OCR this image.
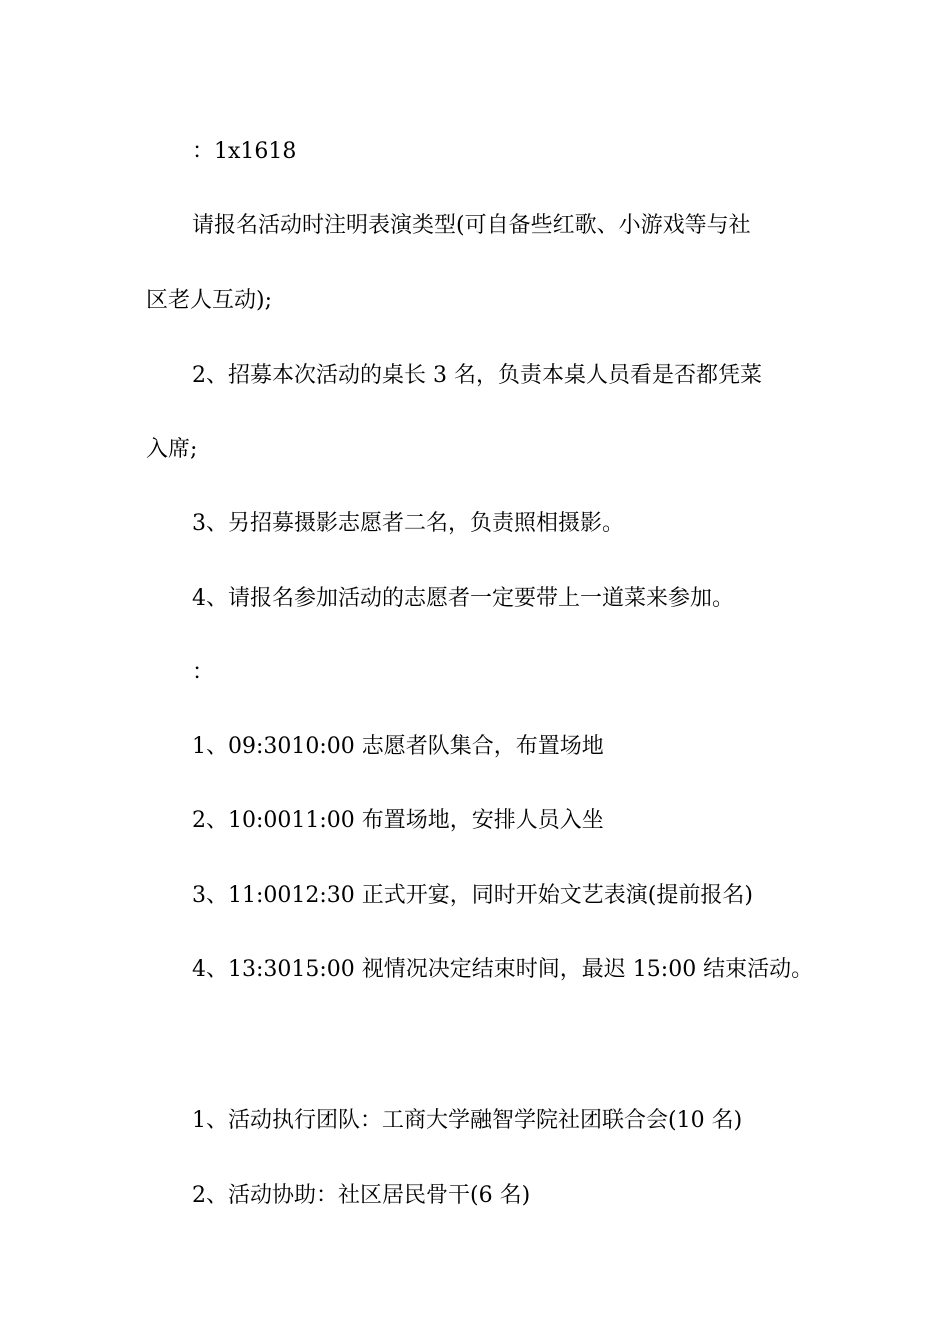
：1x1618
请报名活动时注明表演类型(可自备些红歌、小游戏等与社
区老人互动);
2、招募本次活动的桌长 3 名，负责本桌人员看是否都凭菜
入席;
3、另招募摄影志愿者二名，负责照相摄影。
4、请报名参加活动的志愿者一定要带上一道菜来参加。
：
1、09:3010:00 志愿者队集合，布置场地
2、10:0011:00 布置场地，安排人员入坐
3、11:0012:30 正式开宴，同时开始文艺表演(提前报名)
4、13:3015:00 视情况决定结束时间，最迟 15:00 结束活动。
1、活动执行团队：工商大学融智学院社团联合会(10 名)
2、活动协助：社区居民骨干(6 名)
